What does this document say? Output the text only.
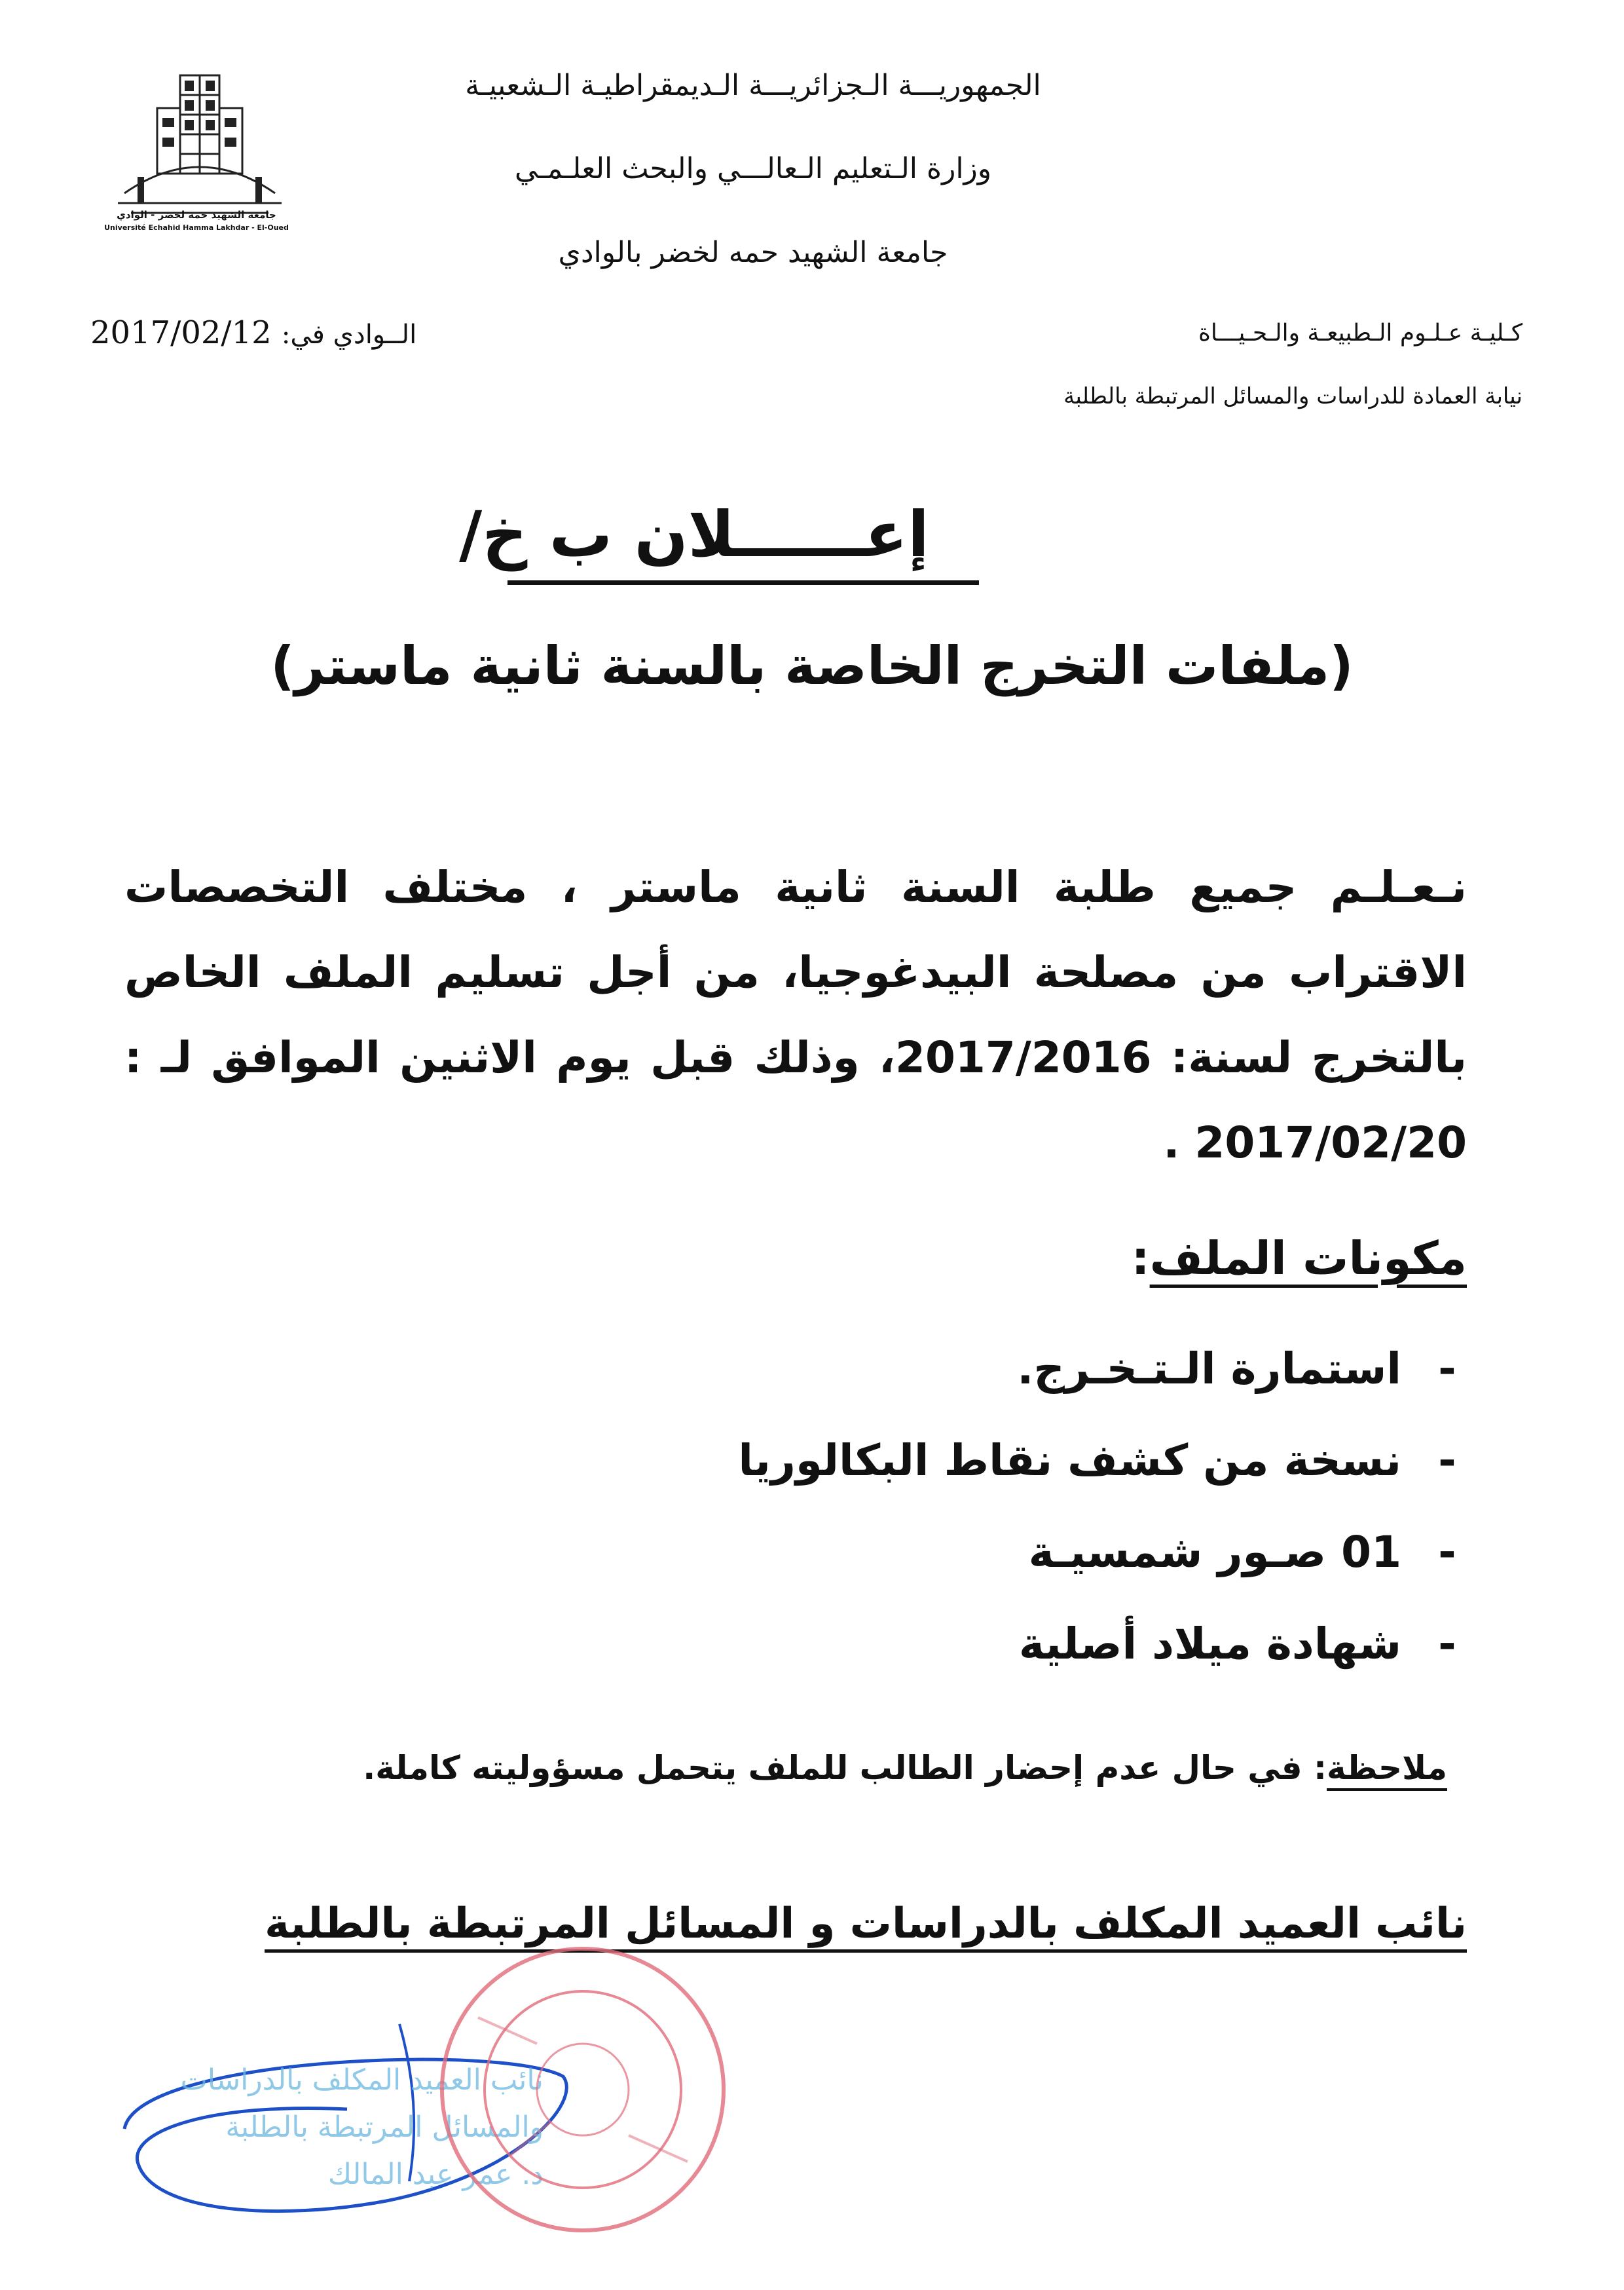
جامعة الشهيد حمه لخضر - الوادي
Université Echahid Hamma Lakhdar - El-Oued
الجمهوريـــة الـجزائريـــة الـديمقراطيـة الـشعبيـة
وزارة الـتعليم الـعالـــي والبحث العلـمـي
جامعة الشهيد حمه لخضر بالوادي
كـليـة عـلـوم الـطبيعـة والـحـيـــاة
نيابة العمادة للدراسات والمسائل المرتبطة بالطلبة
2017/02/12 الــوادي في:
إعــــــلان ب خ/
(ملفات التخرج الخاصة بالسنة ثانية ماستر)
نـعـلـم جميع طلبة السنة ثانية ماستر ، مختلف التخصصات الاقتراب من مصلحة البيدغوجيا، من أجل تسليم الملف الخاص بالتخرج لسنة: 2017/2016، وذلك قبل يوم الاثنين الموافق لـ : 2017/02/20 .
مكونات الملف:
- استمارة الـتـخـرج.
- نسخة من كشف نقاط البكالوريا
- 01 صـور شمسيـة
- شهادة ميلاد أصلية
ملاحظة: في حال عدم إحضار الطالب للملف يتحمل مسؤوليته كاملة.
نائب العميد المكلف بالدراسات و المسائل المرتبطة بالطلبة
نائب العميد المكلف بالدراسات
والمسائل المرتبطة بالطلبة
د. عمر عبد المالك
